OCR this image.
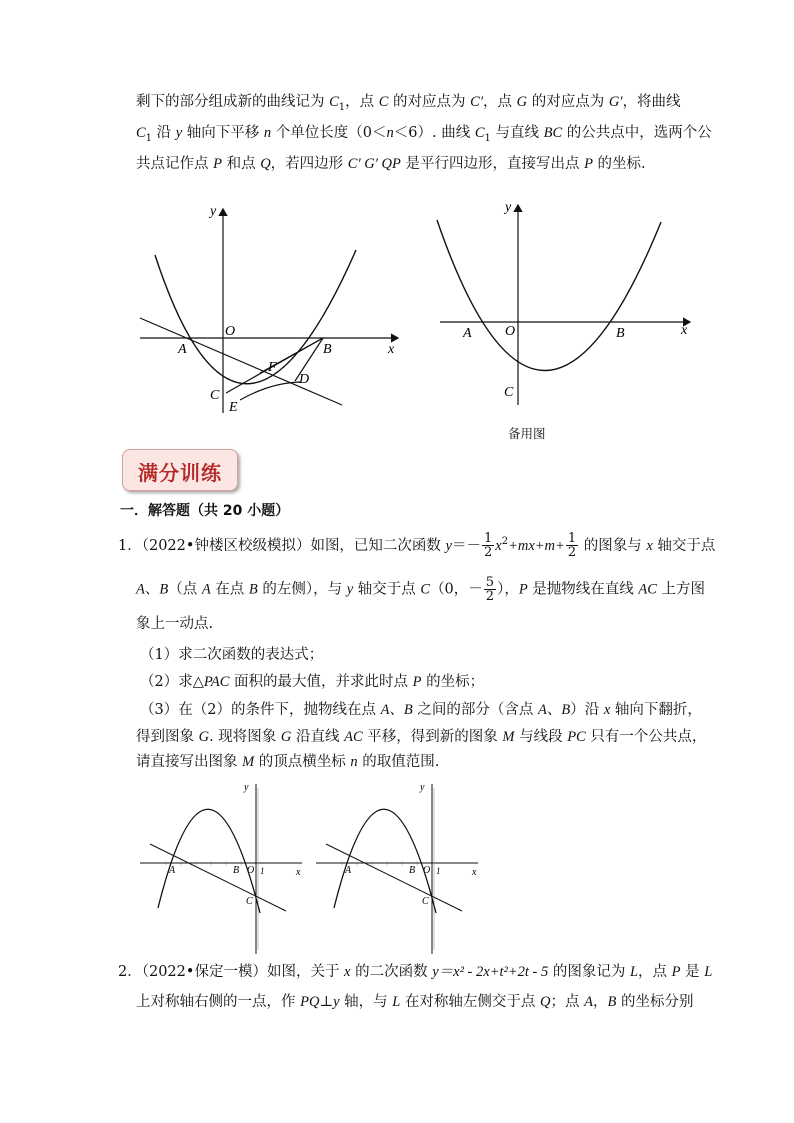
剩下的部分组成新的曲线记为 $C_1$，点 C 的对应点为 C′，点 G 的对应点为 G′，将曲线
$C_1$ 沿 y 轴向下平移 n 个单位长度（0＜n＜6）. 曲线 $C_1$ 与直线 BC 的公共点中，选两个公
共点记作点 P 和点 Q，若四边形 C′ G′ QP 是平行四边形，直接写出点 P 的坐标.
y
x
O
A	B
C
D
E
F
y
x
O
A	B
C
备用图
满分训练
一．解答题（共 20 小题）
1．（2022•钟楼区校级模拟）如图，已知二次函数 $y=- \frac{1}{2} x^2+mx+m+ \frac{1}{2}$ 的图象与 x 轴交于点
A、B（点 A 在点 B 的左侧），与 y 轴交于点 C（0，－ $\frac{5}{2}$ ），P 是抛物线在直线 AC 上方图
象上一动点.
（1）求二次函数的表达式；
（2）求△PAC 面积的最大值，并求此时点 P 的坐标；
（3）在（2）的条件下，抛物线在点 A、B 之间的部分（含点 A、B）沿 x 轴向下翻折，
得到图象 G. 现将图象 G 沿直线 AC 平移，得到新的图象 M 与线段 PC 只有一个公共点，
请直接写出图象 M 的顶点横坐标 n 的取值范围.
y
x
O
A	B
C
1
y
x
O
A	B
C
1
2．（2022•保定一模）如图，关于 x 的二次函数 y＝x² - 2x+t²+2t - 5 的图象记为 L，点 P 是 L
上对称轴右侧的一点，作 PQ⊥y 轴，与 L 在对称轴左侧交于点 Q；点 A，B 的坐标分别
